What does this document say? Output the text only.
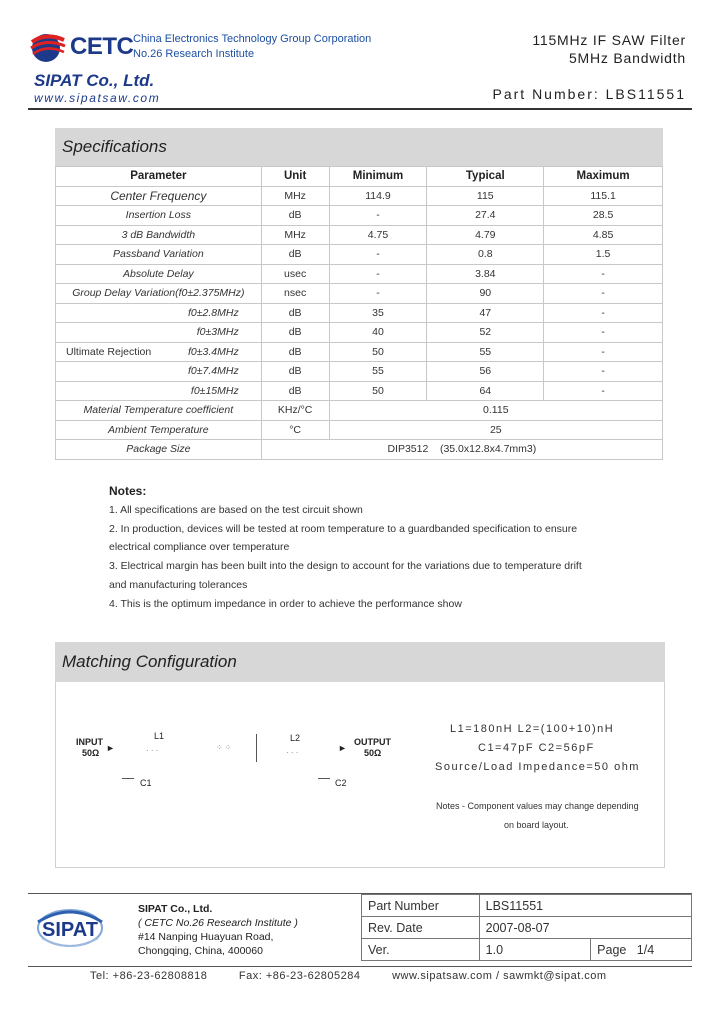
CETC China Electronics Technology Group Corporation
No.26 Research Institute
SIPAT Co., Ltd.
www.sipatsaw.com
115MHz IF SAW Filter
5MHz Bandwidth
Part Number: LBS11551
Specifications
Parameter	Unit	Minimum	Typical	Maximum
Center Frequency	MHz	114.9	115	115.1
Insertion Loss	dB	-	27.4	28.5
3 dB Bandwidth	MHz	4.75	4.79	4.85
Passband Variation	dB	-	0.8	1.5
Absolute Delay	usec	-	3.84	-
Group Delay Variation(f0±2.375MHz)	nsec	-	90	-
f0±2.8MHz	dB	35	47	-
f0±3MHz	dB	40	52	-

Ultimate Rejection f0±3.4MHz	dB	50	55	-
f0±7.4MHz	dB	55	56	-
f0±15MHz	dB	50	64	-
Material Temperature coefficient	KHz/°C	0.115		
Ambient Temperature	°C	25		
Package Size	DIP3512    (35.0x12.8x4.7mm3)			
Notes:
1. All specifications are based on the test circuit shown
2. In production, devices will be tested at room temperature to a guardbanded specification to ensure
electrical compliance over temperature
3. Electrical margin has been built into the design to account for the variations due to temperature drift
and manufacturing tolerances
4. This is the optimum impedance in order to achieve the performance show
Matching Configuration
INPUT
50Ω ►
L1
· · ·	⁘ ⁘
L2
· · ·	►
OUTPUT
50Ω
C1	C2
L1=180nH L2=(100+10)nH
C1=47pF C2=56pF
Source/Load Impedance=50 ohm
Notes - Component values may change depending
on board layout.
SIPAT
SIPAT Co., Ltd.
( CETC No.26 Research Institute )
#14 Nanping Huayuan Road,
Chongqing, China, 400060
Part Number	LBS11551	
Rev. Date	2007-08-07	
Ver.	1.0	Page   1/4
Tel: +86-23-62808818	Fax: +86-23-62805284	www.sipatsaw.com / sawmkt@sipat.com
